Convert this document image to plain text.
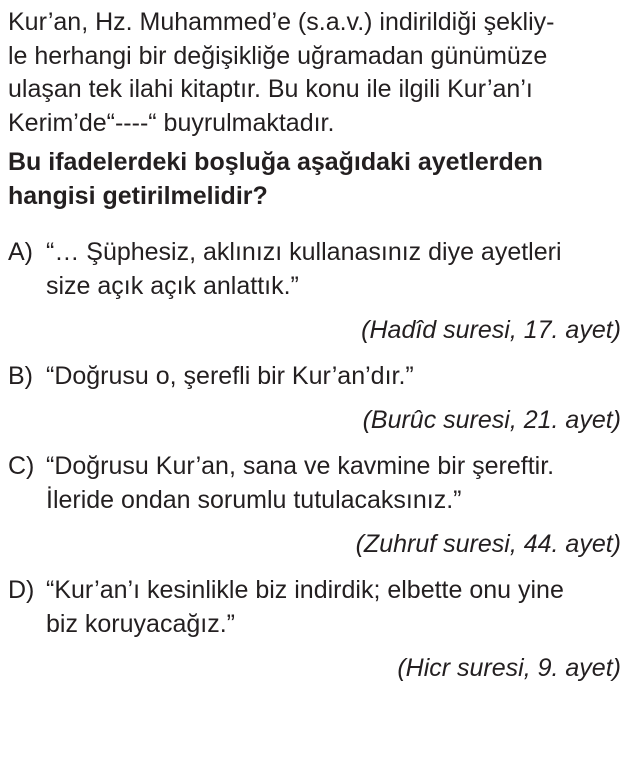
Kur’an, Hz. Muhammed’e (s.a.v.) indirildiği şekliy-
le herhangi bir değişikliğe uğramadan günümüze
ulaşan tek ilahi kitaptır. Bu konu ile ilgili Kur’an’ı
Kerim’de“----“ buyrulmaktadır.
Bu ifadelerdeki boşluğa aşağıdaki ayetlerden
hangisi getirilmelidir?
A) “… Şüphesiz, aklınızı kullanasınız diye ayetleri
size açık açık anlattık.”
(Hadîd suresi, 17. ayet)
B) “Doğrusu o, şerefli bir Kur’an’dır.”
(Burûc suresi, 21. ayet)
C) “Doğrusu Kur’an, sana ve kavmine bir şereftir.
İleride ondan sorumlu tutulacaksınız.”
(Zuhruf suresi, 44. ayet)
D) “Kur’an’ı kesinlikle biz indirdik; elbette onu yine
biz koruyacağız.”
(Hicr suresi, 9. ayet)
